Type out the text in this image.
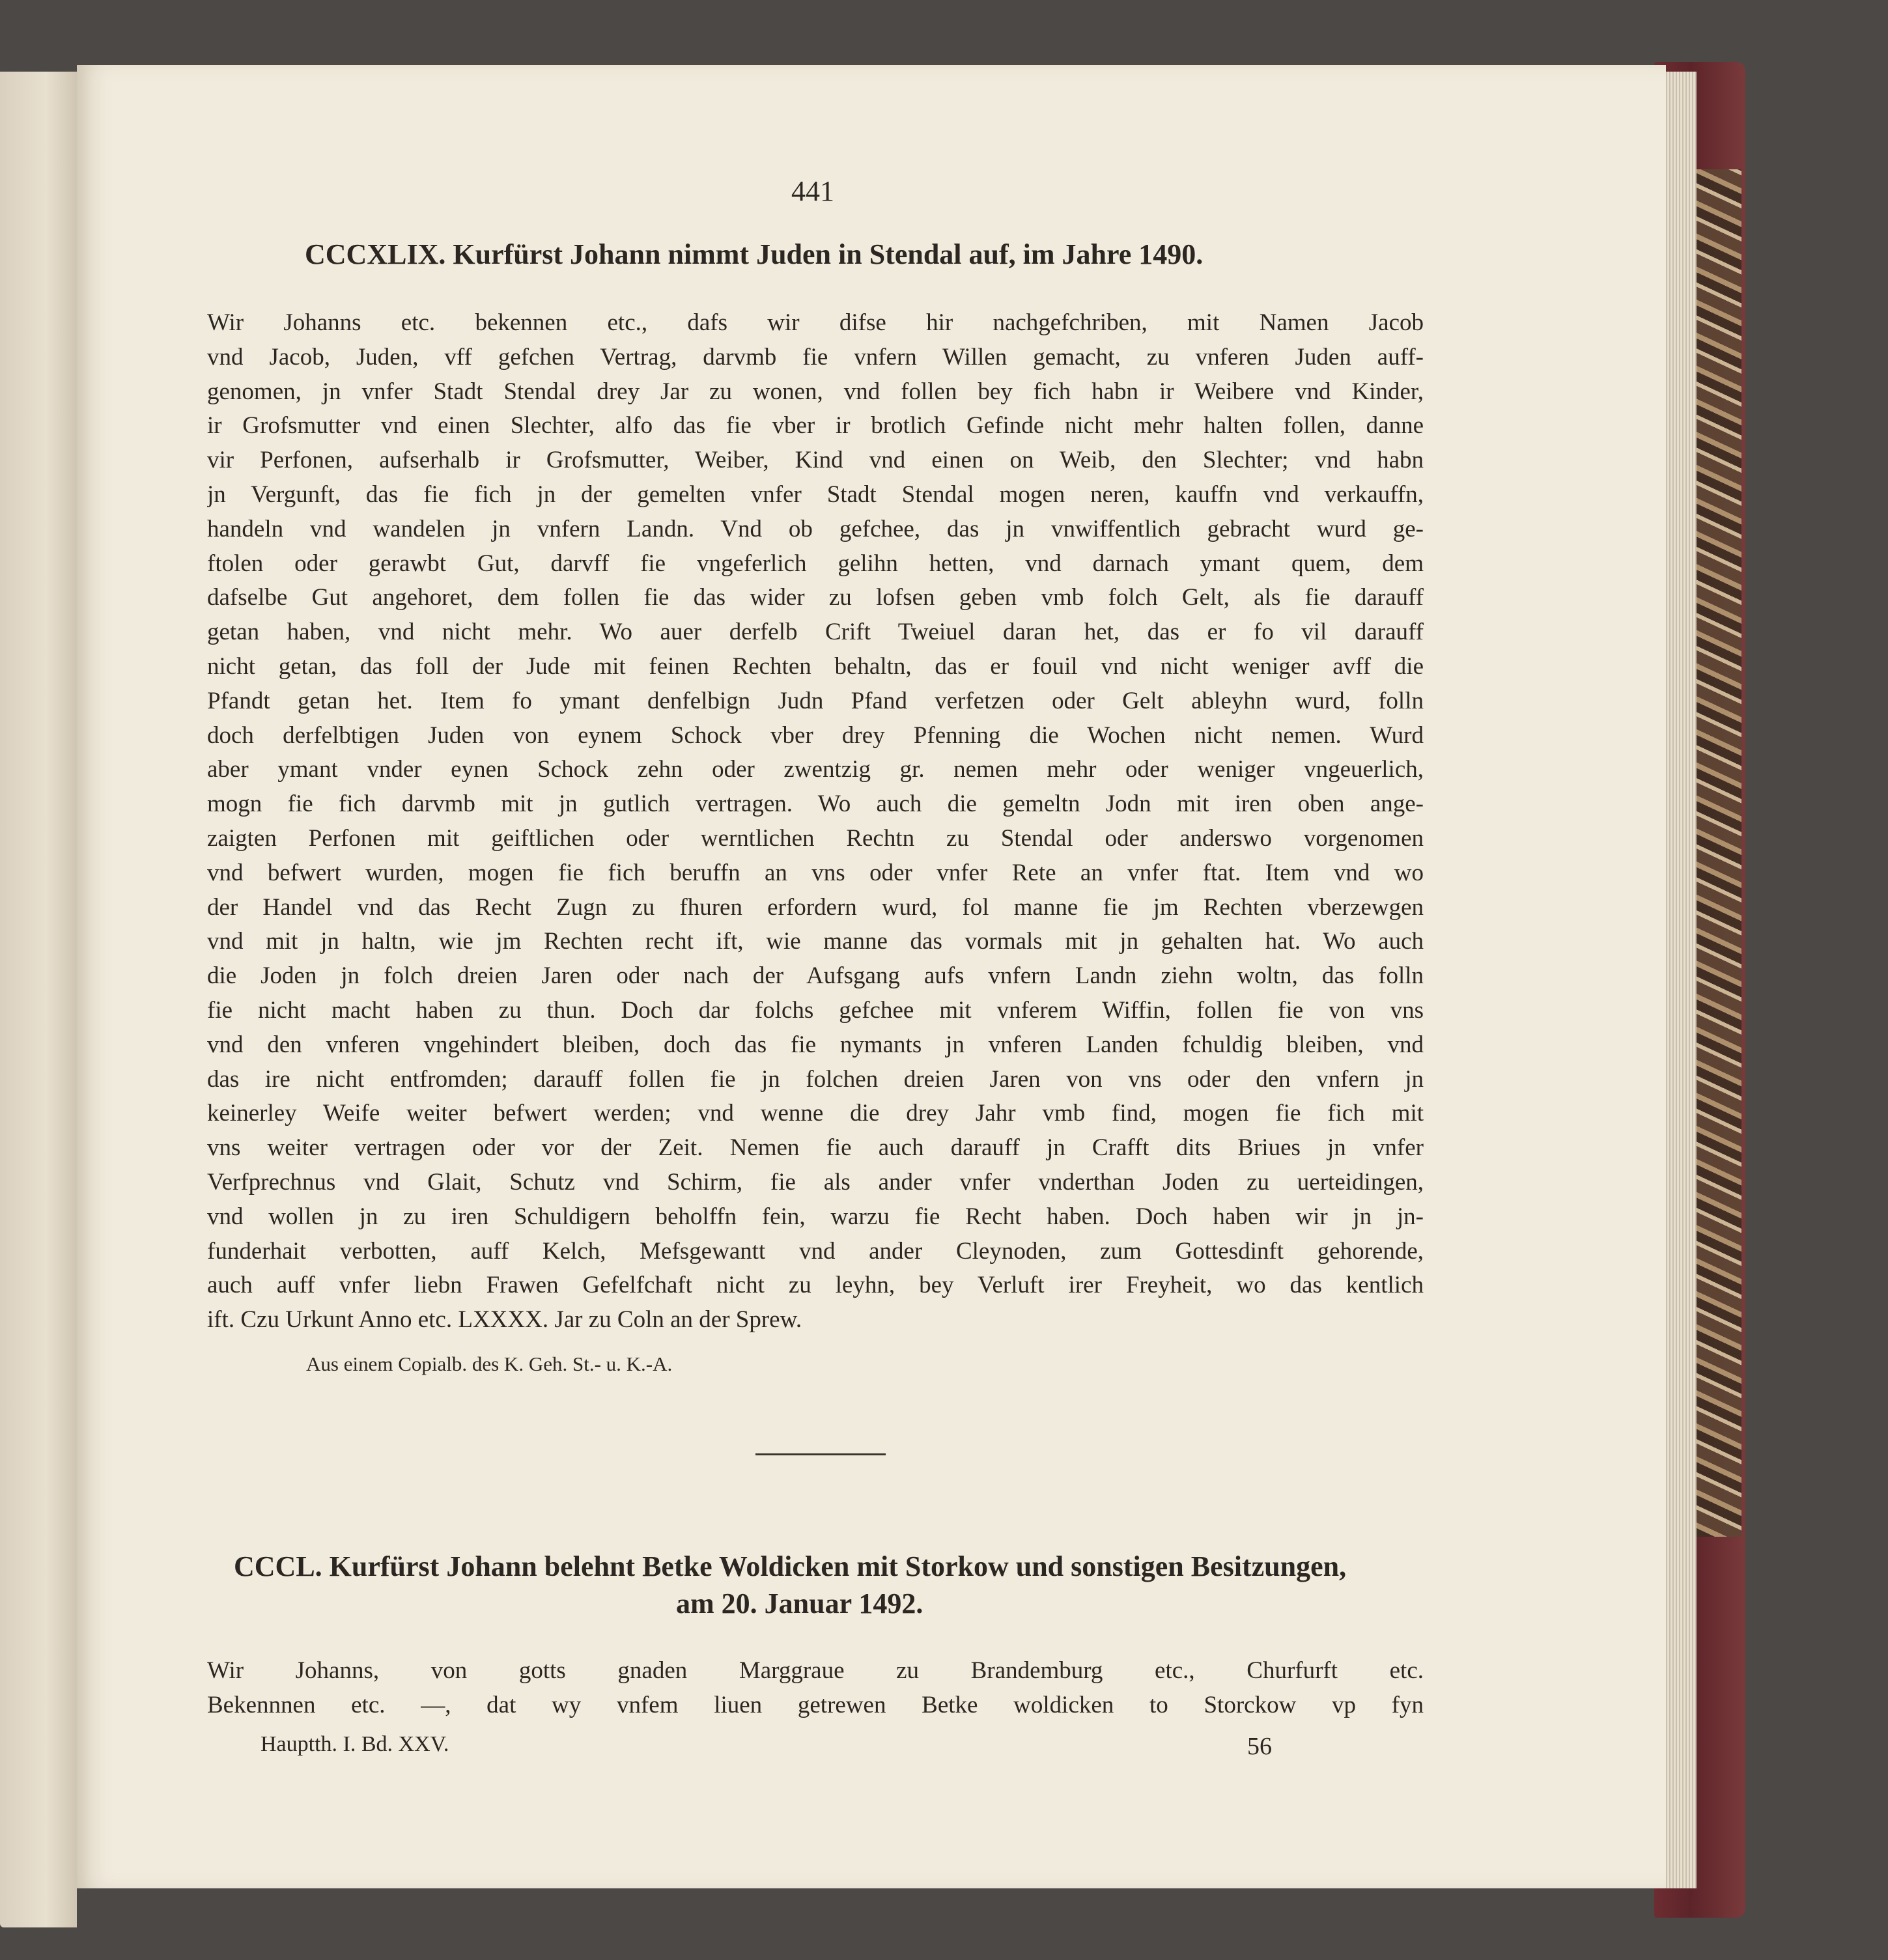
441
CCCXLIX. Kurfürst Johann nimmt Juden in Stendal auf, im Jahre 1490.
Wir Johanns etc. bekennen etc., dafs wir difse hir nachgefchriben, mit Namen Jacob
vnd Jacob, Juden, vff gefchen Vertrag, darvmb fie vnfern Willen gemacht, zu vnferen Juden auff-
genomen, jn vnfer Stadt Stendal drey Jar zu wonen, vnd follen bey fich habn ir Weibere vnd Kinder,
ir Grofsmutter vnd einen Slechter, alfo das fie vber ir brotlich Gefinde nicht mehr halten follen, danne
vir Perfonen, aufserhalb ir Grofsmutter, Weiber, Kind vnd einen on Weib, den Slechter; vnd habn
jn Vergunft, das fie fich jn der gemelten vnfer Stadt Stendal mogen neren, kauffn vnd verkauffn,
handeln vnd wandelen jn vnfern Landn. Vnd ob gefchee, das jn vnwiffentlich gebracht wurd ge-
ftolen oder gerawbt Gut, darvff fie vngeferlich gelihn hetten, vnd darnach ymant quem, dem
dafselbe Gut angehoret, dem follen fie das wider zu lofsen geben vmb folch Gelt, als fie darauff
getan haben, vnd nicht mehr. Wo auer derfelb Crift Tweiuel daran het, das er fo vil darauff
nicht getan, das foll der Jude mit feinen Rechten behaltn, das er fouil vnd nicht weniger avff die
Pfandt getan het. Item fo ymant denfelbign Judn Pfand verfetzen oder Gelt ableyhn wurd, folln
doch derfelbtigen Juden von eynem Schock vber drey Pfenning die Wochen nicht nemen. Wurd
aber ymant vnder eynen Schock zehn oder zwentzig gr. nemen mehr oder weniger vngeuerlich,
mogn fie fich darvmb mit jn gutlich vertragen. Wo auch die gemeltn Jodn mit iren oben ange-
zaigten Perfonen mit geiftlichen oder werntlichen Rechtn zu Stendal oder anderswo vorgenomen
vnd befwert wurden, mogen fie fich beruffn an vns oder vnfer Rete an vnfer ftat. Item vnd wo
der Handel vnd das Recht Zugn zu fhuren erfordern wurd, fol manne fie jm Rechten vberzewgen
vnd mit jn haltn, wie jm Rechten recht ift, wie manne das vormals mit jn gehalten hat. Wo auch
die Joden jn folch dreien Jaren oder nach der Aufsgang aufs vnfern Landn ziehn woltn, das folln
fie nicht macht haben zu thun. Doch dar folchs gefchee mit vnferem Wiffin, follen fie von vns
vnd den vnferen vngehindert bleiben, doch das fie nymants jn vnferen Landen fchuldig bleiben, vnd
das ire nicht entfromden; darauff follen fie jn folchen dreien Jaren von vns oder den vnfern jn
keinerley Weife weiter befwert werden; vnd wenne die drey Jahr vmb find, mogen fie fich mit
vns weiter vertragen oder vor der Zeit. Nemen fie auch darauff jn Crafft dits Briues jn vnfer
Verfprechnus vnd Glait, Schutz vnd Schirm, fie als ander vnfer vnderthan Joden zu uerteidingen,
vnd wollen jn zu iren Schuldigern beholffn fein, warzu fie Recht haben. Doch haben wir jn jn-
funderhait verbotten, auff Kelch, Mefsgewantt vnd ander Cleynoden, zum Gottesdinft gehorende,
auch auff vnfer liebn Frawen Gefelfchaft nicht zu leyhn, bey Verluft irer Freyheit, wo das kentlich
ift. Czu Urkunt Anno etc. LXXXX. Jar zu Coln an der Sprew.
Aus einem Copialb. des K. Geh. St.- u. K.-A.
CCCL. Kurfürst Johann belehnt Betke Woldicken mit Storkow und sonstigen Besitzungen,
am 20. Januar 1492.
Wir Johanns, von gotts gnaden Marggraue zu Brandemburg etc., Churfurft etc.
Bekennnen etc. —, dat wy vnfem liuen getrewen Betke woldicken to Storckow vp fyn
Hauptth. I. Bd. XXV.	56
